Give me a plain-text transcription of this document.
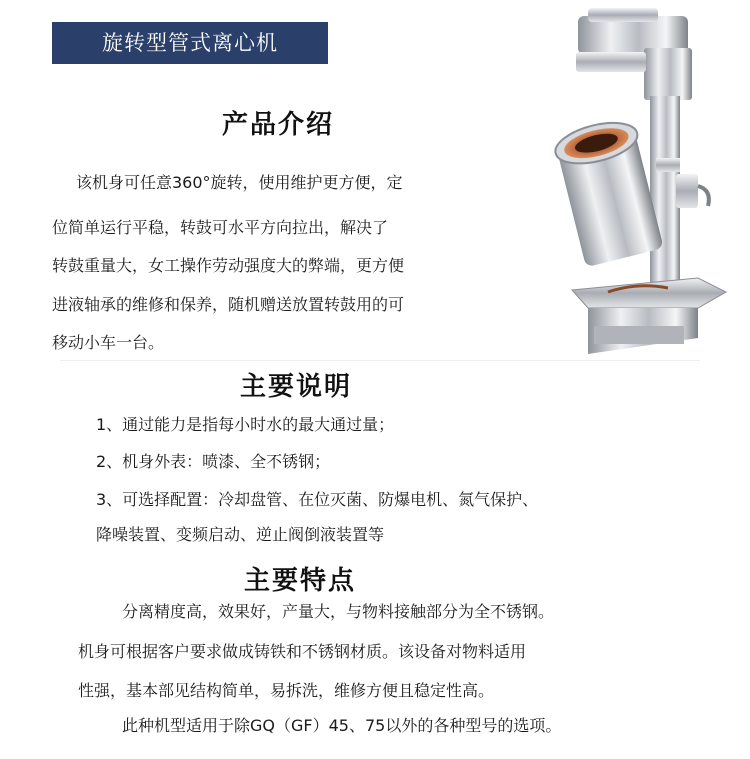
旋转型管式离心机
产品介绍
该机身可任意360°旋转，使用维护更方便，定
位简单运行平稳，转鼓可水平方向拉出，解决了
转鼓重量大，女工操作劳动强度大的弊端，更方便
进液轴承的维修和保养，随机赠送放置转鼓用的可
移动小车一台。
主要说明
1、通过能力是指每小时水的最大通过量；
2、机身外表：喷漆、全不锈钢；
3、可选择配置：冷却盘管、在位灭菌、防爆电机、氮气保护、
降噪装置、变频启动、逆止阀倒液装置等
主要特点
分离精度高，效果好，产量大，与物料接触部分为全不锈钢。
机身可根据客户要求做成铸铁和不锈钢材质。该设备对物料适用
性强，基本部见结构简单，易拆洗，维修方便且稳定性高。
此种机型适用于除GQ（GF）45、75以外的各种型号的选项。
